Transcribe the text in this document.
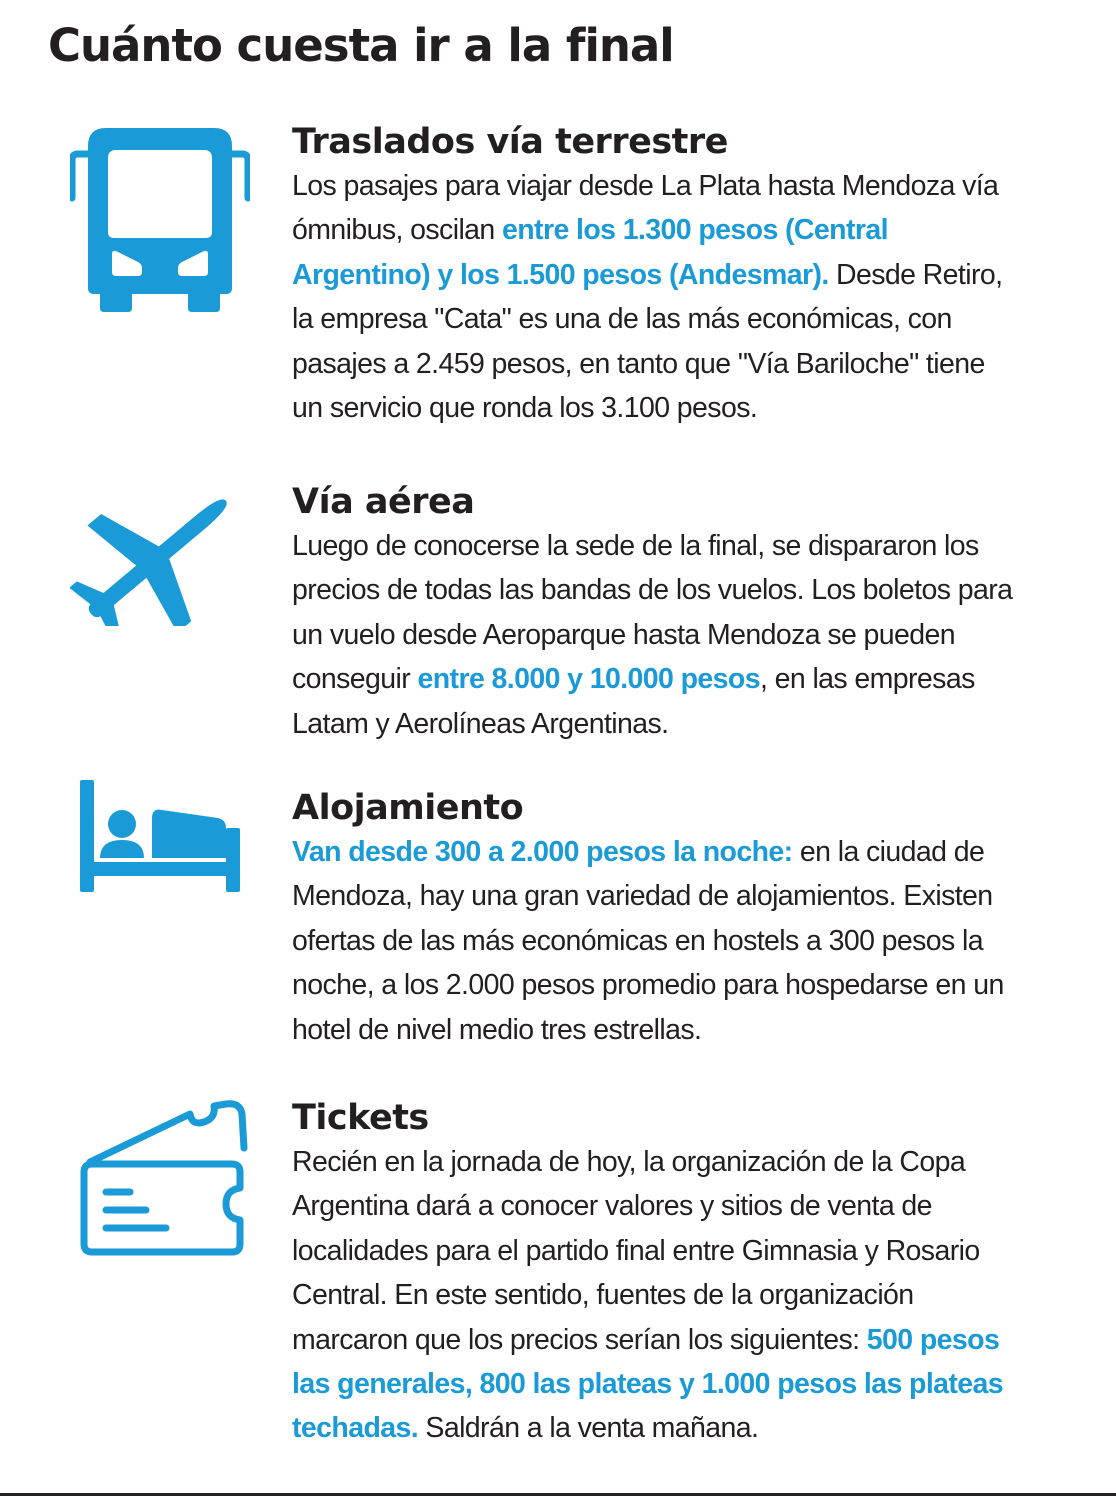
Cuánto cuesta ir a la final
Traslados vía terrestre
Los pasajes para viajar desde La Plata hasta Mendoza vía
ómnibus, oscilan entre los 1.300 pesos (Central
Argentino) y los 1.500 pesos (Andesmar). Desde Retiro,
la empresa "Cata" es una de las más económicas, con
pasajes a 2.459 pesos, en tanto que "Vía Bariloche" tiene
un servicio que ronda los 3.100 pesos.
Vía aérea
Luego de conocerse la sede de la final, se dispararon los
precios de todas las bandas de los vuelos. Los boletos para
un vuelo desde Aeroparque hasta Mendoza se pueden
conseguir entre 8.000 y 10.000 pesos, en las empresas
Latam y Aerolíneas Argentinas.
Alojamiento
Van desde 300 a 2.000 pesos la noche: en la ciudad de
Mendoza, hay una gran variedad de alojamientos. Existen
ofertas de las más económicas en hostels a 300 pesos la
noche, a los 2.000 pesos promedio para hospedarse en un
hotel de nivel medio tres estrellas.
Tickets
Recién en la jornada de hoy, la organización de la Copa
Argentina dará a conocer valores y sitios de venta de
localidades para el partido final entre Gimnasia y Rosario
Central. En este sentido, fuentes de la organización
marcaron que los precios serían los siguientes: 500 pesos
las generales, 800 las plateas y 1.000 pesos las plateas
techadas. Saldrán a la venta mañana.
